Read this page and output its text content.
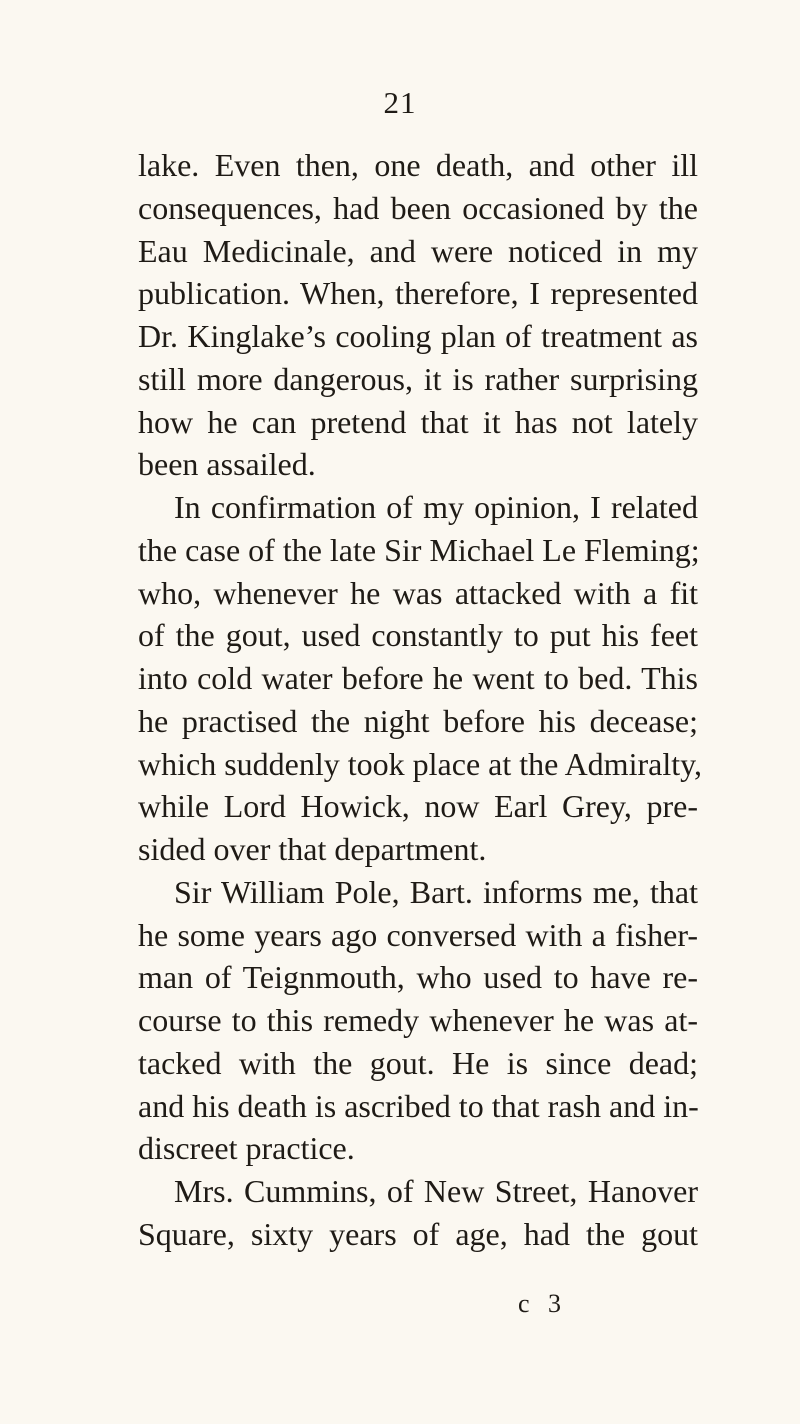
21
lake. Even then, one death, and other ill
consequences, had been occasioned by the
Eau Medicinale, and were noticed in my
publication. When, therefore, I represented
Dr. Kinglake’s cooling plan of treatment as
still more dangerous, it is rather surprising
how he can pretend that it has not lately
been assailed.
In confirmation of my opinion, I related
the case of the late Sir Michael Le Fleming;
who, whenever he was attacked with a fit
of the gout, used constantly to put his feet
into cold water before he went to bed. This
he practised the night before his decease;
which suddenly took place at the Admiralty,
while Lord Howick, now Earl Grey, pre-
sided over that department.
Sir William Pole, Bart. informs me, that
he some years ago conversed with a fisher-
man of Teignmouth, who used to have re-
course to this remedy whenever he was at-
tacked with the gout. He is since dead;
and his death is ascribed to that rash and in-
discreet practice.
Mrs. Cummins, of New Street, Hanover
Square, sixty years of age, had the gout
c 3
